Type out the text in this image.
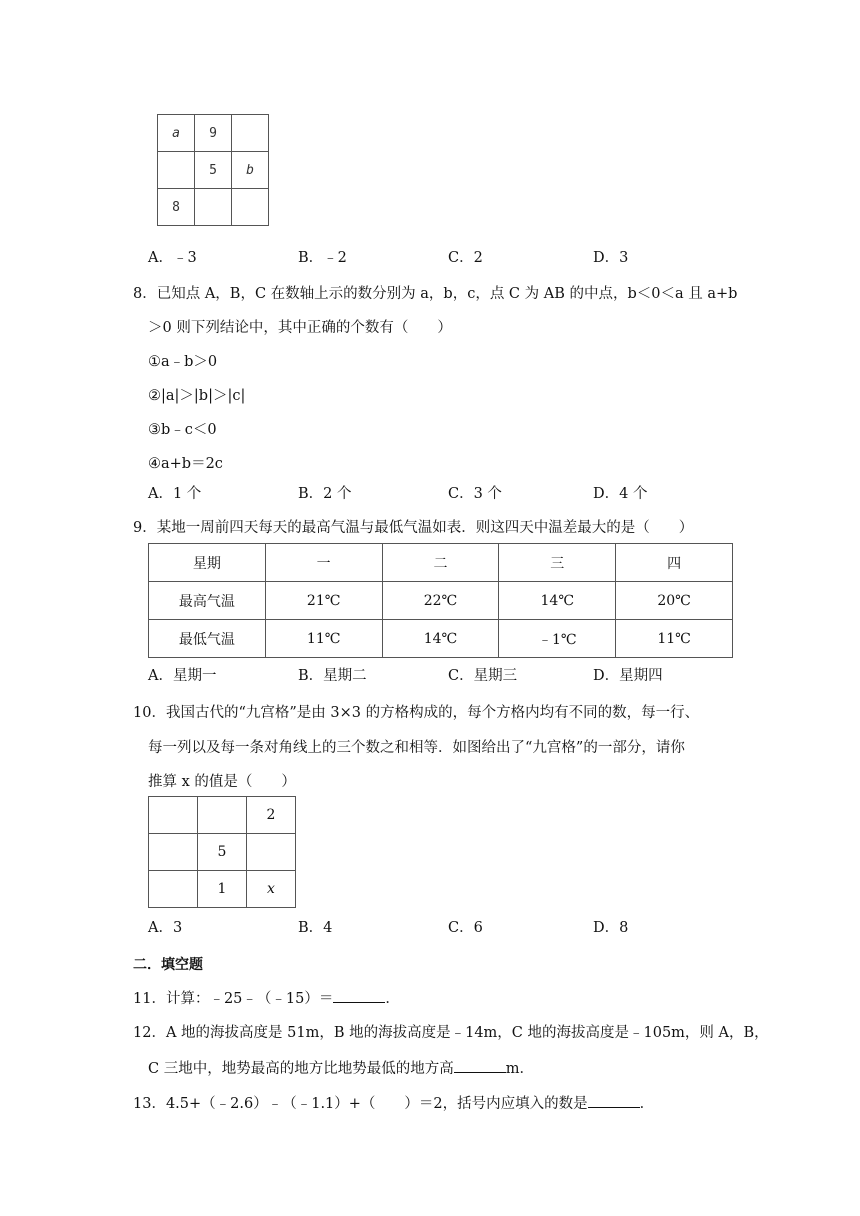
a	9	
	5	b
8		
A．﹣3	B．﹣2	C．2	D．3
8．已知点 A，B，C 在数轴上示的数分别为 a，b，c，点 C 为 AB 的中点，b＜0＜a 且 a+b
＞0 则下列结论中，其中正确的个数有（　　）
①a﹣b＞0
②|a|＞|b|＞|c|
③b﹣c＜0
④a+b＝2c
A．1 个	B．2 个	C．3 个	D．4 个
9．某地一周前四天每天的最高气温与最低气温如表．则这四天中温差最大的是（　　）
星期	一	二	三	四
最高气温	21℃	22℃	14℃	20℃
最低气温	11℃	14℃	﹣1℃	11℃
A．星期一	B．星期二	C．星期三	D．星期四
10．我国古代的“九宫格”是由 3×3 的方格构成的，每个方格内均有不同的数，每一行、
每一列以及每一条对角线上的三个数之和相等．如图给出了“九宫格”的一部分，请你
推算 x 的值是（　　）
		2
	5	
	1	x
A．3	B．4	C．6	D．8
二．填空题
11．计算：﹣25﹣（﹣15）＝	．
12．A 地的海拔高度是 51m，B 地的海拔高度是﹣14m，C 地的海拔高度是﹣105m，则 A，B，
C 三地中，地势最高的地方比地势最低的地方高	m．
13．4.5+（﹣2.6）﹣（﹣1.1）+（　　）＝2，括号内应填入的数是	．
